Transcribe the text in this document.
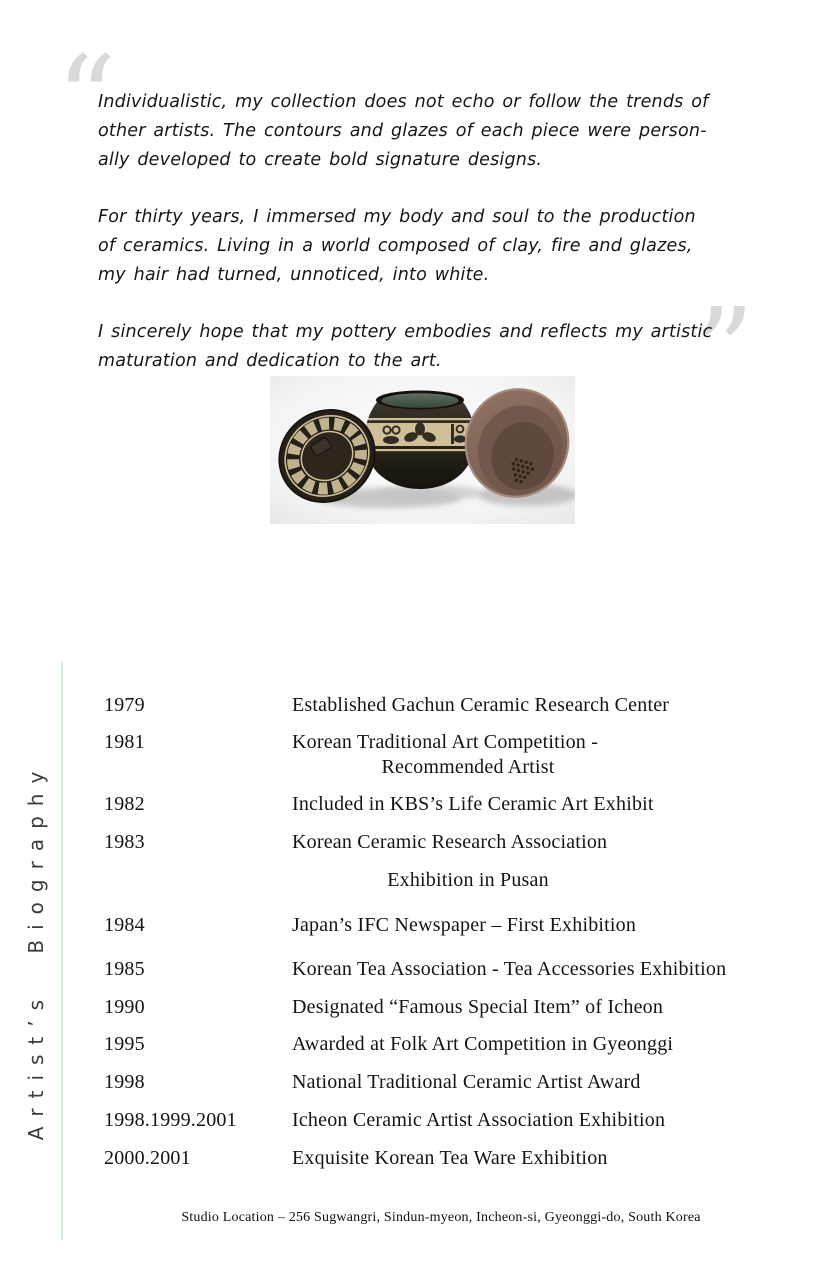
“
”
Individualistic, my collection does not echo or follow the trends of
other artists. The contours and glazes of each piece were person-
ally developed to create bold signature designs.
For thirty years, I immersed my body and soul to the production
of ceramics. Living in a world composed of clay, fire and glazes,
my hair had turned, unnoticed, into white.
I sincerely hope that my pottery embodies and reflects my artistic
maturation and dedication to the art.
Artist’s Biography
1979	Established Gachun Ceramic Research Center
1981	Korean Traditional Art Competition -
Recommended Artist
1982	Included in KBS’s Life Ceramic Art Exhibit
1983	Korean Ceramic Research Association
Exhibition in Pusan
1984	Japan’s IFC Newspaper – First Exhibition
1985	Korean Tea Association - Tea Accessories Exhibition
1990	Designated “Famous Special Item” of Icheon
1995	Awarded at Folk Art Competition in Gyeonggi
1998	National Traditional Ceramic Artist Award
1998.1999.2001	Icheon Ceramic Artist Association Exhibition
2000.2001	Exquisite Korean Tea Ware Exhibition
Studio Location – 256 Sugwangri, Sindun-myeon, Incheon-si, Gyeonggi-do, South Korea
